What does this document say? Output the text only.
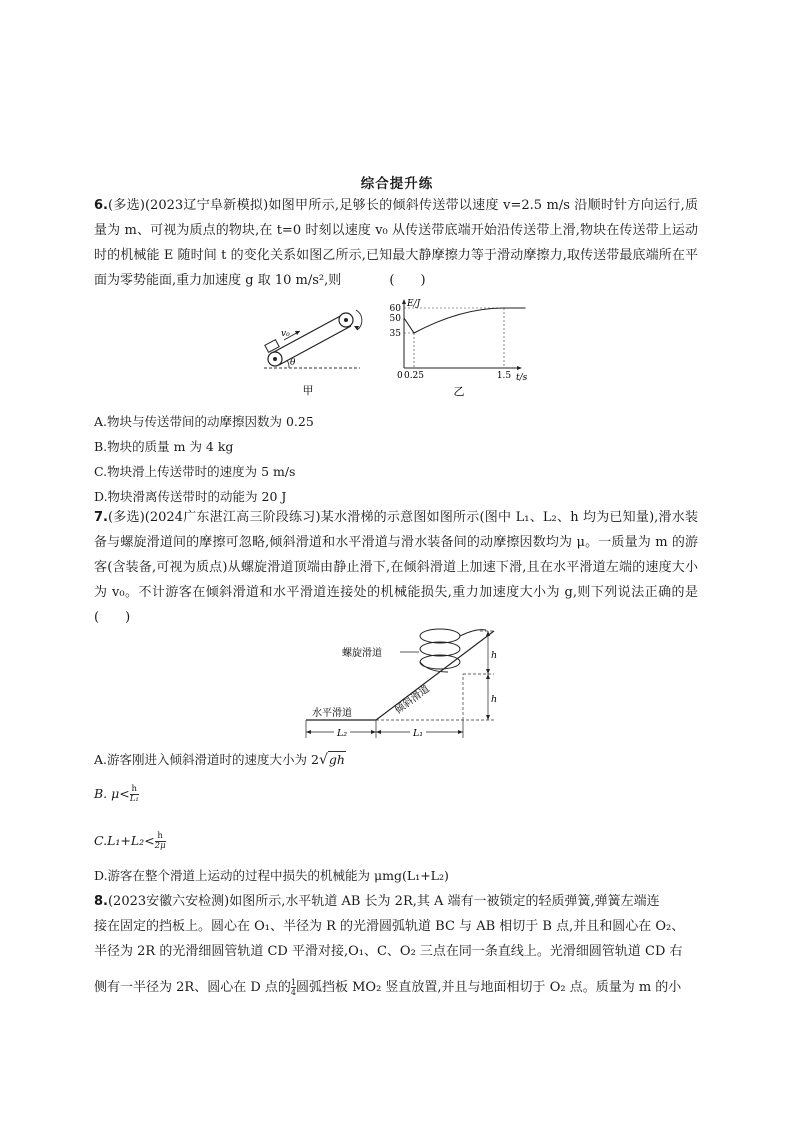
综合提升练
6.(多选)(2023辽宁阜新模拟)如图甲所示,足够长的倾斜传送带以速度 v=2.5 m/s 沿顺时针方向运行,质量为 m、可视为质点的物块,在 t=0 时刻以速度 v₀ 从传送带底端开始沿传送带上滑,物块在传送带上运动时的机械能 E 随时间 t 的变化关系如图乙所示,已知最大静摩擦力等于滑动摩擦力,取传送带最底端所在平面为零势能面,重力加速度 g 取 10 m/s²,则	(　　)
v₀
θ
甲
E/J
t/s
0
60
50
35
0.25	1.5
乙
A.物块与传送带间的动摩擦因数为 0.25
B.物块的质量 m 为 4 kg
C.物块滑上传送带时的速度为 5 m/s
D.物块滑离传送带时的动能为 20 J
7.(多选)(2024广东湛江高三阶段练习)某水滑梯的示意图如图所示(图中 L₁、L₂、h 均为已知量),滑水装备与螺旋滑道间的摩擦可忽略,倾斜滑道和水平滑道与滑水装备间的动摩擦因数均为 μ。一质量为 m 的游客(含装备,可视为质点)从螺旋滑道顶端由静止滑下,在倾斜滑道上加速下滑,且在水平滑道左端的速度大小为 v₀。不计游客在倾斜滑道和水平滑道连接处的机械能损失,重力加速度大小为 g,则下列说法正确的是(　　)
h
h
螺旋滑道
倾斜滑道
水平滑道
L₂	L₁
A.游客刚进入倾斜滑道时的速度大小为 2√gh
B. $\mu< \frac{h}{\text{L₁}}$
$C.L_1+L_2< \frac{h}{2\mu}$
D.游客在整个滑道上运动的过程中损失的机械能为 μmg(L₁+L₂)
8.(2023安徽六安检测)如图所示,水平轨道 AB 长为 2R,其 A 端有一被锁定的轻质弹簧,弹簧左端连
接在固定的挡板上。圆心在 O₁、半径为 R 的光滑圆弧轨道 BC 与 AB 相切于 B 点,并且和圆心在 O₂、
半径为 2R 的光滑细圆管轨道 CD 平滑对接,O₁、C、O₂ 三点在同一条直线上。光滑细圆管轨道 CD 右
侧有一半径为 2R、圆心在 D 点的 $\frac{1}{4}$ 圆弧挡板 MO₂ 竖直放置,并且与地面相切于 O₂ 点。质量为 m 的小
